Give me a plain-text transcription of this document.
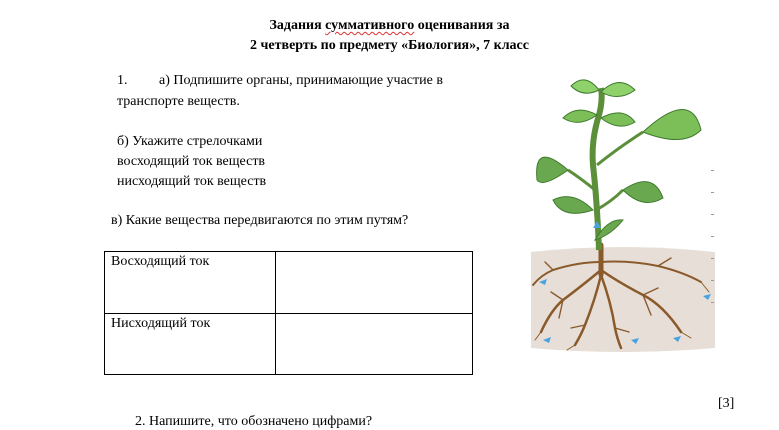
Задания суммативного оценивания за
2 четверть по предмету «Биология», 7 класс
1. а) Подпишите органы, принимающие участие в
транспорте веществ.
б) Укажите стрелочками
восходящий ток веществ
нисходящий ток веществ
в) Какие вещества передвигаются по этим путям?
Восходящий ток	
Нисходящий ток	
[3]
2. Напишите, что обозначено цифрами?
